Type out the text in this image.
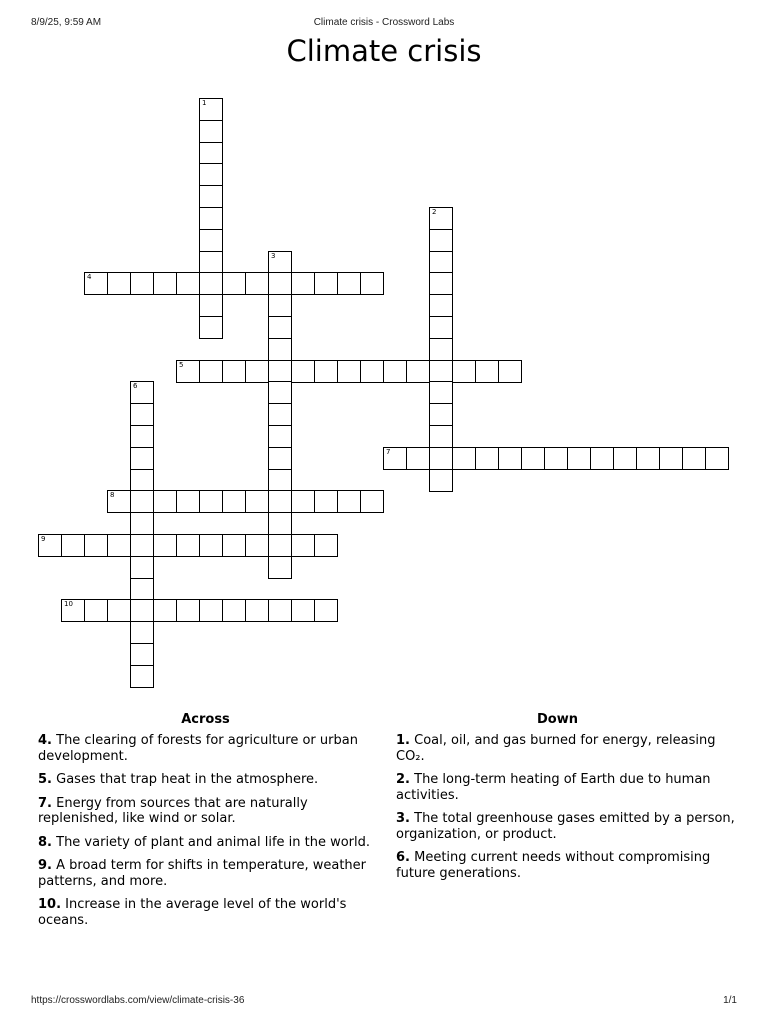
8/9/25, 9:59 AM	Climate crisis - Crossword Labs
Climate crisis
1
2
3
4
5
6
7
8
9
10
Across
4. The clearing of forests for agriculture or urban development.
5. Gases that trap heat in the atmosphere.
7. Energy from sources that are naturally replenished, like wind or solar.
8. The variety of plant and animal life in the world.
9. A broad term for shifts in temperature, weather patterns, and more.
10. Increase in the average level of the world's oceans.
Down
1. Coal, oil, and gas burned for energy, releasing CO₂.
2. The long-term heating of Earth due to human activities.
3. The total greenhouse gases emitted by a person, organization, or product.
6. Meeting current needs without compromising future generations.
https://crosswordlabs.com/view/climate-crisis-36	1/1
